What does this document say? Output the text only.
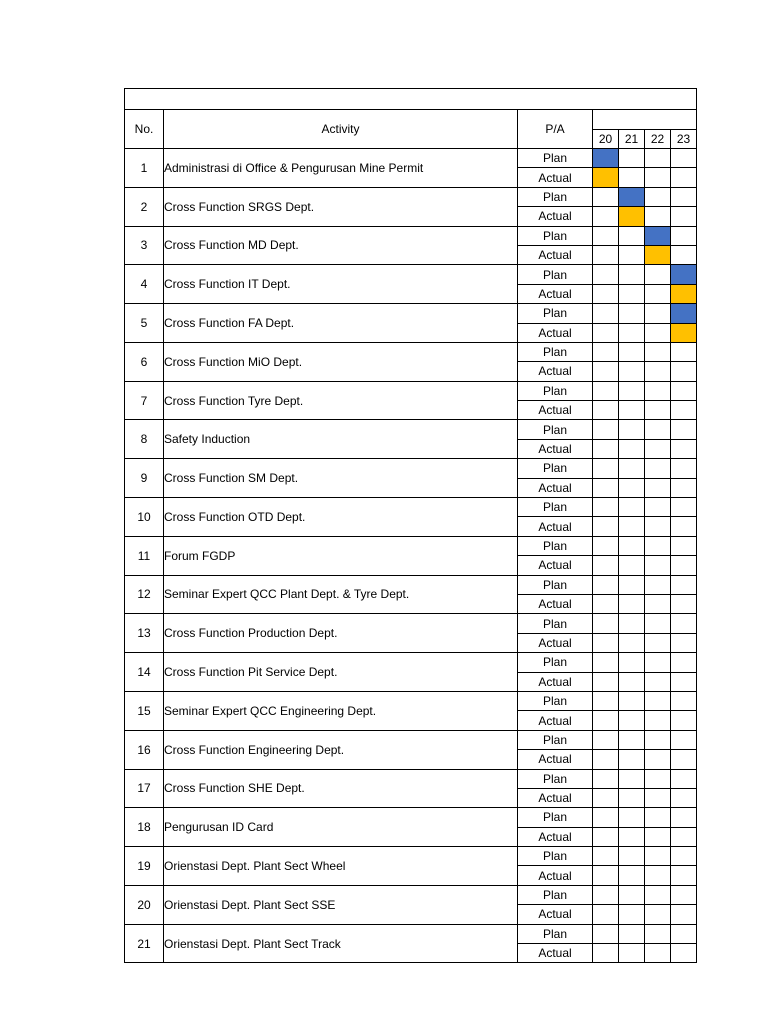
No.	Activity	P/A				
			20	21	22	23
1	Administrasi di Office & Pengurusan Mine Permit	Plan				
		Actual				
2	Cross Function SRGS Dept.	Plan				
		Actual				
3	Cross Function MD Dept.	Plan				
		Actual				
4	Cross Function IT Dept.	Plan				
		Actual				
5	Cross Function FA Dept.	Plan				
		Actual				
6	Cross Function MiO Dept.	Plan				
		Actual				
7	Cross Function Tyre Dept.	Plan				
		Actual				
8	Safety Induction	Plan				
		Actual				
9	Cross Function SM Dept.	Plan				
		Actual				
10	Cross Function OTD Dept.	Plan				
		Actual				
11	Forum FGDP	Plan				
		Actual				
12	Seminar Expert QCC Plant Dept. & Tyre Dept.	Plan				
		Actual				
13	Cross Function Production Dept.	Plan				
		Actual				
14	Cross Function Pit Service Dept.	Plan				
		Actual				
15	Seminar Expert QCC Engineering Dept.	Plan				
		Actual				
16	Cross Function Engineering Dept.	Plan				
		Actual				
17	Cross Function SHE Dept.	Plan				
		Actual				
18	Pengurusan ID Card	Plan				
		Actual				
19	Orienstasi Dept. Plant Sect Wheel	Plan				
		Actual				
20	Orienstasi Dept. Plant Sect SSE	Plan				
		Actual				
21	Orienstasi Dept. Plant Sect Track	Plan				
		Actual				
